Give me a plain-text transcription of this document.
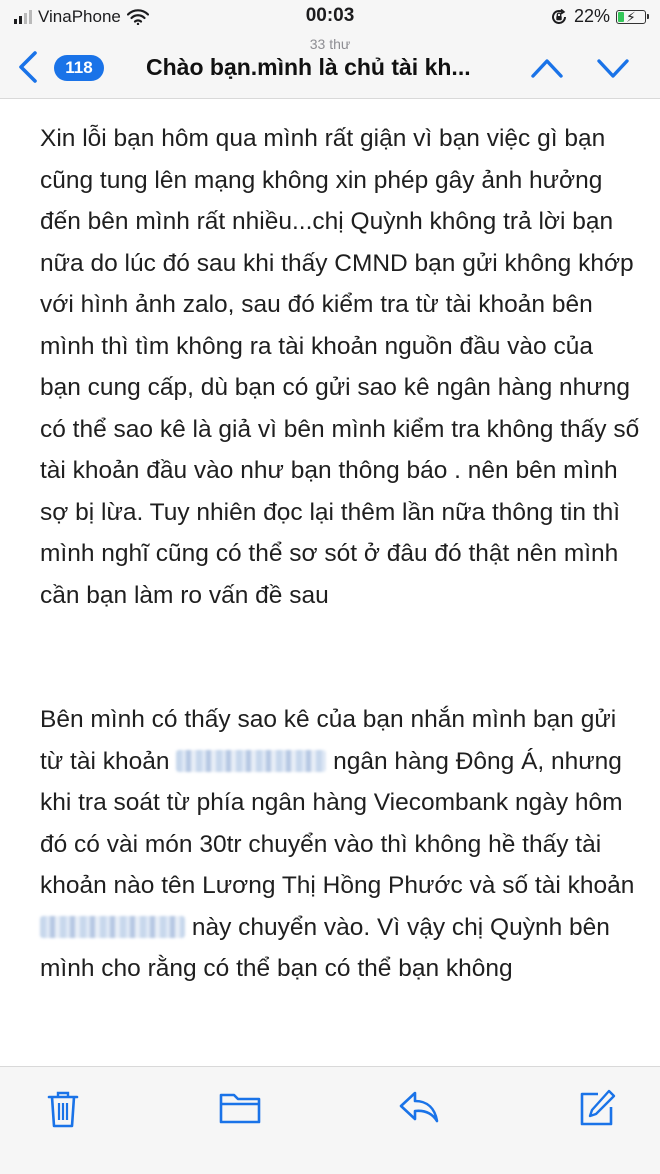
VinaPhone	00:03	22% ⚡
33 thư
118	Chào bạn.mình là chủ tài kh...

Xin lỗi bạn hôm qua mình rất giận vì bạn việc gì bạn cũng tung lên mạng không xin phép gây ảnh hưởng đến bên mình rất nhiều...chị Quỳnh không trả lời bạn nữa do lúc đó sau khi thấy CMND bạn gửi không khớp với hình ảnh zalo, sau đó kiểm tra từ tài khoản bên mình thì tìm không ra tài khoản nguồn đầu vào của bạn cung cấp, dù bạn có gửi sao kê ngân hàng nhưng có thể sao kê là giả vì bên mình kiểm tra không thấy số tài khoản đầu vào như bạn thông báo . nên bên mình sợ bị lừa. Tuy nhiên đọc lại thêm lần nữa thông tin thì mình nghĩ cũng có thể sơ sót ở đâu đó thật nên mình cần bạn làm ro vấn đề sau

Bên mình có thấy sao kê của bạn nhắn mình bạn gửi từ tài khoản	ngân hàng Đông Á, nhưng khi tra soát từ phía ngân hàng Viecombank ngày hôm đó có vài món 30tr chuyển vào thì không hề thấy tài khoản nào tên Lương Thị Hồng Phước và số tài khoản  này chuyển vào. Vì vậy chị Quỳnh bên mình cho rằng có thể bạn có thể bạn không
